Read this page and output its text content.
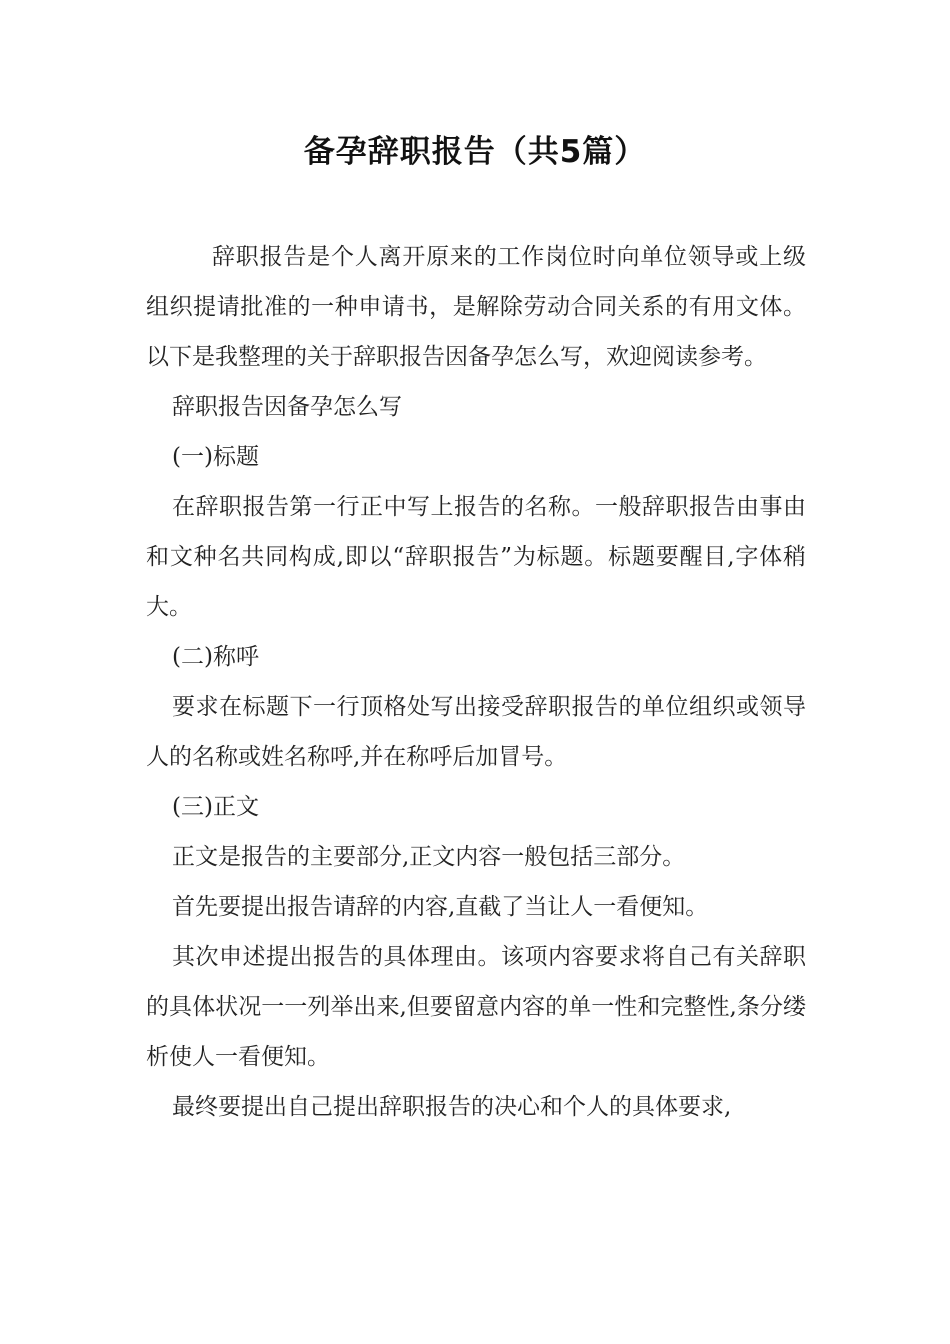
备孕辞职报告（共5篇）

辞职报告是个人离开原来的工作岗位时向单位领导或上级组织提请批准的一种申请书，是解除劳动合同关系的有用文体。以下是我整理的关于辞职报告因备孕怎么写，欢迎阅读参考。

辞职报告因备孕怎么写

(一)标题

在辞职报告第一行正中写上报告的名称。一般辞职报告由事由和文种名共同构成,即以“辞职报告”为标题。标题要醒目,字体稍大。

(二)称呼

要求在标题下一行顶格处写出接受辞职报告的单位组织或领导人的名称或姓名称呼,并在称呼后加冒号。

(三)正文

正文是报告的主要部分,正文内容一般包括三部分。

首先要提出报告请辞的内容,直截了当让人一看便知。

其次申述提出报告的具体理由。该项内容要求将自己有关辞职的具体状况一一列举出来,但要留意内容的单一性和完整性,条分缕析使人一看便知。

最终要提出自己提出辞职报告的决心和个人的具体要求,
